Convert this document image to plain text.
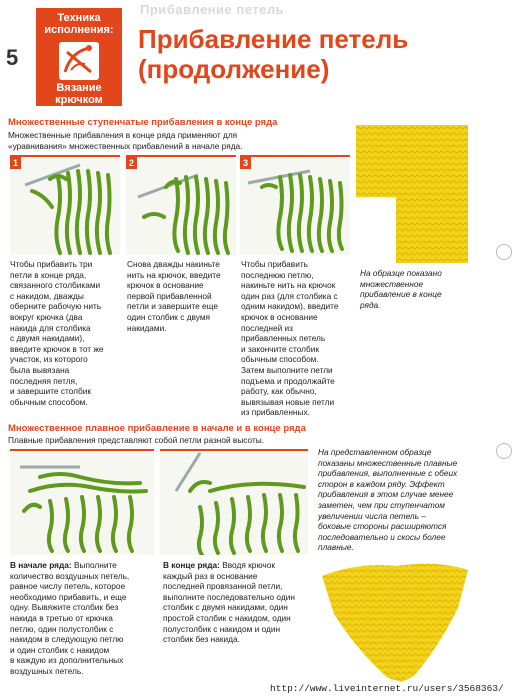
5
Техника
исполнения:
Вязание
крючком
Прибавление петель
Прибавление петель
(продолжение)
Множественные ступенчатые прибавления в конце ряда
Множественные прибавления в конце ряда применяют для
«уравнивания» множественных прибавлений в начале ряда.
1	2	3
На образце показано
множественное
прибавление в конце
ряда.
Чтобы прибавить три
петли в конце ряда,
связанного столбиками
с накидом, дважды
оберните рабочую нить
вокруг крючка (два
накида для столбика
с двумя накидами),
введите крючок в тот же
участок, из которого
была вывязана
последняя петля,
и завершите столбик
обычным способом.
Снова дважды накиньте
нить на крючок, введите
крючок в основание
первой прибавленной
петли и завершите еще
один столбик с двумя
накидами.
Чтобы прибавить
последнюю петлю,
накиньте нить на крючок
один раз (для столбика с
одним накидом), введите
крючок в основание
последней из
прибавленных петель
и закончите столбик
обычным способом.
Затем выполните петли
подъема и продолжайте
работу, как обычно,
вывязывая новые петли
из прибавленных.
Множественное плавное прибавление в начале и в конце ряда
Плавные прибавления представляют собой петли разной высоты.
На представленном образце
показаны множественные плавные
прибавления, выполненные с обеих
сторон в каждом ряду. Эффект
прибавления в этом случае менее
заметен, чем при ступенчатом
увеличении числа петель –
боковые стороны расширяются
последовательно и скосы более
плавные.
В начале ряда: Выполните
количество воздушных петель,
равное числу петель, которое
необходимо прибавить, и еще
одну. Вывяжите столбик без
накида в третью от крючка
петлю, один полустолбик с
накидом в следующую петлю
и один столбик с накидом
в каждую из дополнительных
воздушных петель.
В конце ряда: Вводя крючок
каждый раз в основание
последней провязанной петли,
выполните последовательно один
столбик с двумя накидами, один
простой столбик с накидом, один
полустолбик с накидом и один
столбик без накида.
http://www.liveinternet.ru/users/3568363/
